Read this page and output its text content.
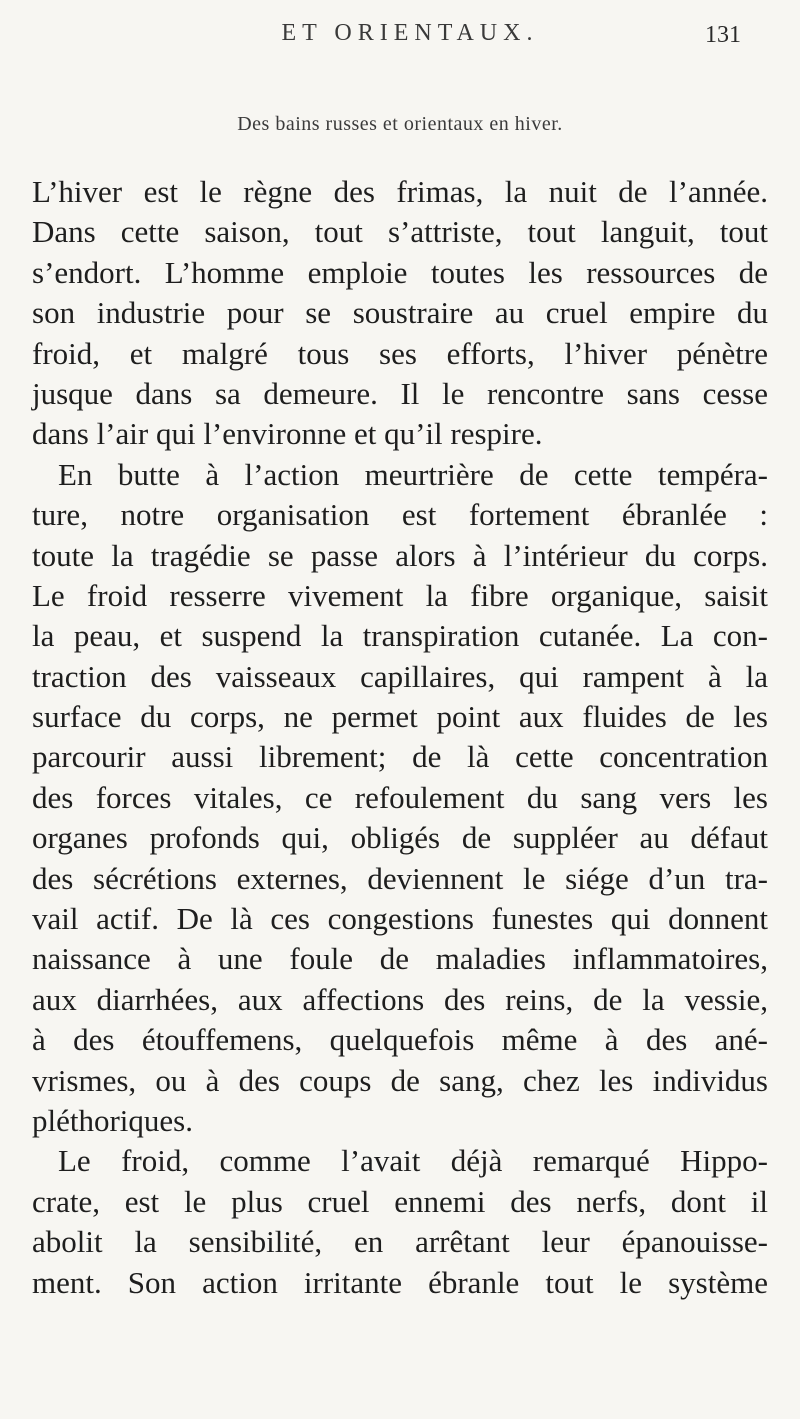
ET ORIENTAUX.	131
Des bains russes et orientaux en hiver.
L’hiver est le règne des frimas, la nuit de l’année.
Dans cette saison, tout s’attriste, tout languit, tout
s’endort. L’homme emploie toutes les ressources de
son industrie pour se soustraire au cruel empire du
froid, et malgré tous ses efforts, l’hiver pénètre
jusque dans sa demeure. Il le rencontre sans cesse
dans l’air qui l’environne et qu’il respire.
En butte à l’action meurtrière de cette tempéra-
ture, notre organisation est fortement ébranlée :
toute la tragédie se passe alors à l’intérieur du corps.
Le froid resserre vivement la fibre organique, saisit
la peau, et suspend la transpiration cutanée. La con-
traction des vaisseaux capillaires, qui rampent à la
surface du corps, ne permet point aux fluides de les
parcourir aussi librement; de là cette concentration
des forces vitales, ce refoulement du sang vers les
organes profonds qui, obligés de suppléer au défaut
des sécrétions externes, deviennent le siége d’un tra-
vail actif. De là ces congestions funestes qui donnent
naissance à une foule de maladies inflammatoires,
aux diarrhées, aux affections des reins, de la vessie,
à des étouffemens, quelquefois même à des ané-
vrismes, ou à des coups de sang, chez les individus
pléthoriques.
Le froid, comme l’avait déjà remarqué Hippo-
crate, est le plus cruel ennemi des nerfs, dont il
abolit la sensibilité, en arrêtant leur épanouisse-
ment. Son action irritante ébranle tout le système
